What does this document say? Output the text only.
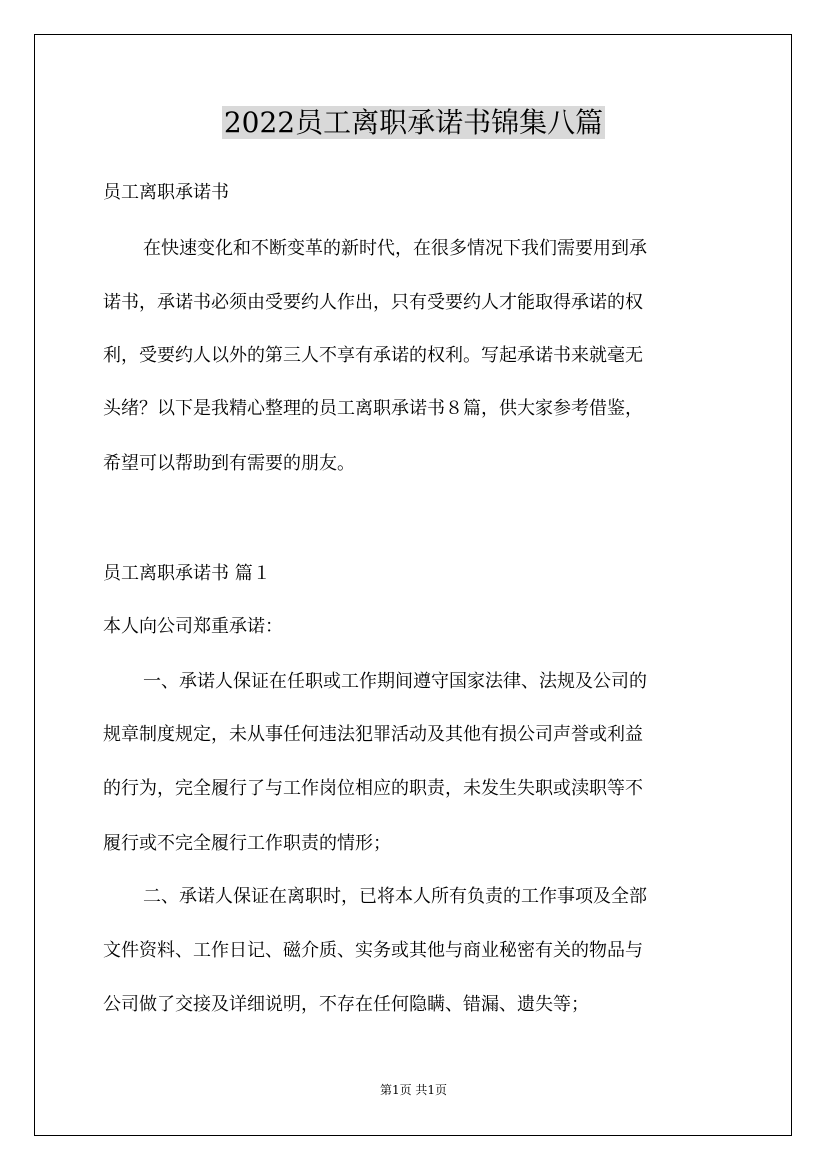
2022员工离职承诺书锦集八篇
员工离职承诺书
在快速变化和不断变革的新时代，在很多情况下我们需要用到承
诺书，承诺书必须由受要约人作出，只有受要约人才能取得承诺的权
利，受要约人以外的第三人不享有承诺的权利。写起承诺书来就毫无
头绪？以下是我精心整理的员工离职承诺书８篇，供大家参考借鉴，
希望可以帮助到有需要的朋友。
员工离职承诺书 篇１
本人向公司郑重承诺：
一、承诺人保证在任职或工作期间遵守国家法律、法规及公司的
规章制度规定，未从事任何违法犯罪活动及其他有损公司声誉或利益
的行为，完全履行了与工作岗位相应的职责，未发生失职或渎职等不
履行或不完全履行工作职责的情形；
二、承诺人保证在离职时，已将本人所有负责的工作事项及全部
文件资料、工作日记、磁介质、实务或其他与商业秘密有关的物品与
公司做了交接及详细说明，不存在任何隐瞒、错漏、遗失等；
第1页 共1页
